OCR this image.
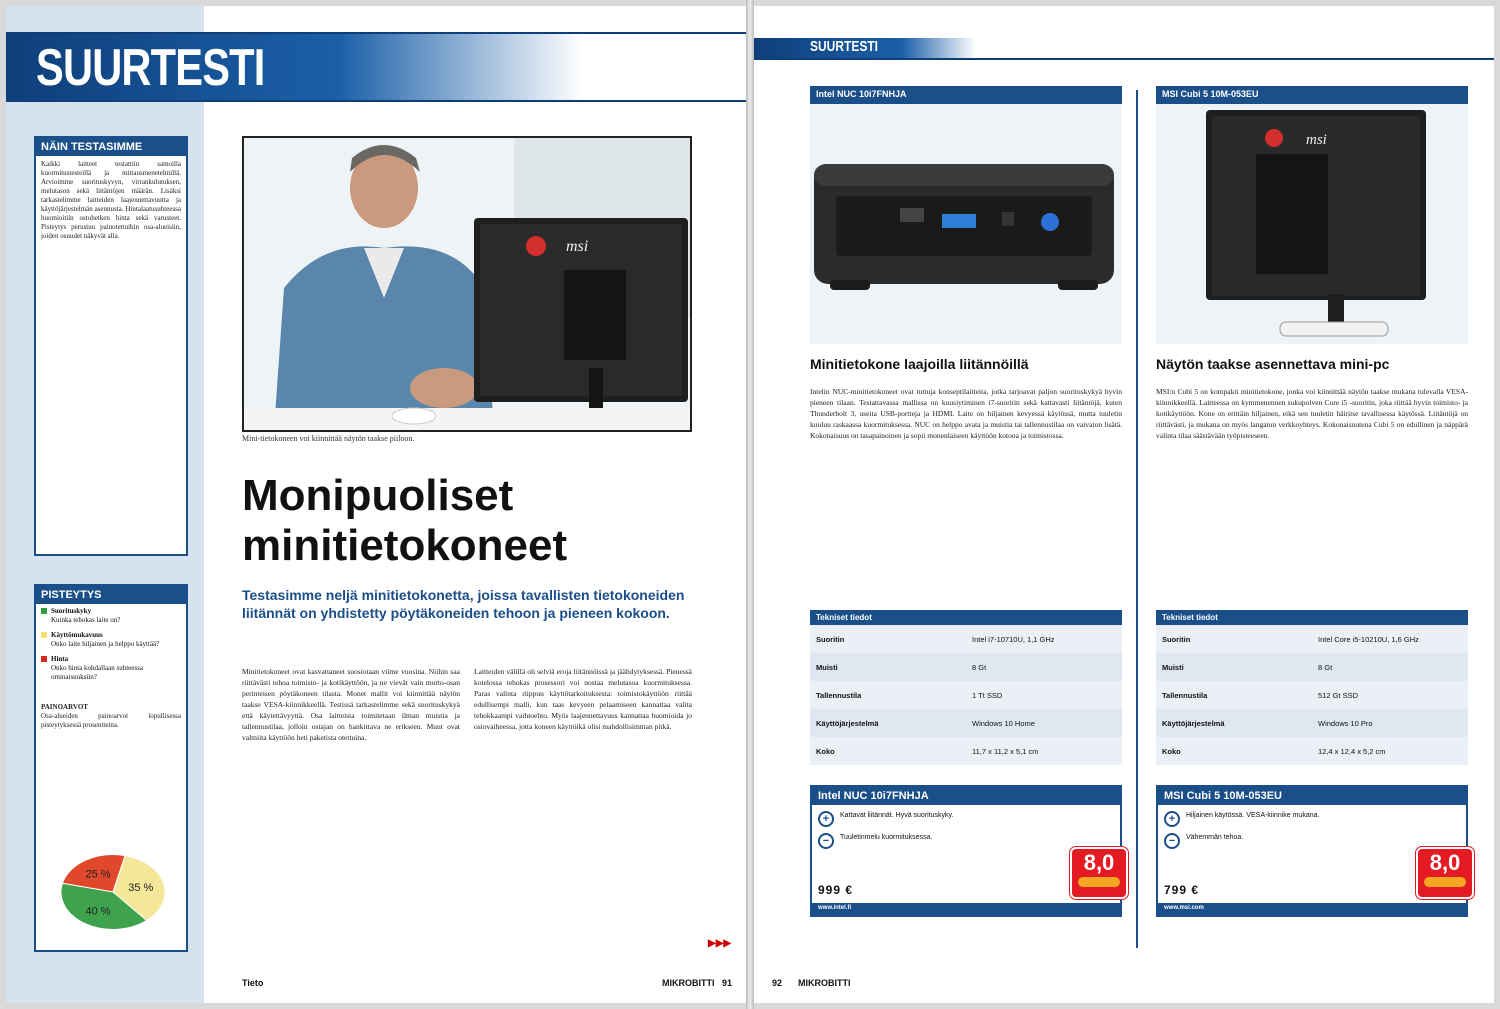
SUURTESTI
NÄIN TESTASIMME
Kaikki laitteet testattiin samoilla kuormitustesteillä ja mittausmenetelmillä. Arvioimme suorituskyvyn, virrankulutuksen, melutason sekä liitäntöjen määrän. Lisäksi tarkastelimme laitteiden laajennettavuutta ja käyttöjärjestelmän asennusta. Hintalaatusuhteessa huomioitiin ostohetken hinta sekä varusteet. Pisteytys perustuu painotettuihin osa-alueisiin, joiden osuudet näkyvät alla.
PISTEYTYS
Suorituskyky
Kuinka tehokas laite on?
Käyttömukavuus
Onko laite hiljainen ja helppo käyttää?
Hinta
Onko hinta kohdallaan suhteessa ominaisuuksiin?
PAINOARVOT
Osa-alueiden painoarvot lopullisessa pisteytyksessä prosentteina.
25 %
35 %
40 %
msi
Mini-tietokoneen voi kiinnittää näytön taakse piiloon.
Monipuoliset
minitietokoneet
Testasimme neljä minitietokonetta, joissa tavallisten tietokoneiden liitännät on yhdistetty pöytäkoneiden tehoon ja pieneen kokoon.
Minitietokoneet ovat kasvattaneet suosiotaan viime vuosina. Niihin saa riittävästi tehoa toimisto- ja kotikäyttöön, ja ne vievät vain murto-osan perinteisen pöytäkoneen tilasta. Monet mallit voi kiinnittää näytön taakse VESA-kiinnikkeellä. Testissä tarkastelimme sekä suorituskykyä että käytettävyyttä. Osa laitteista toimitetaan ilman muistia ja tallennustilaa, jolloin ostajan on hankittava ne erikseen. Muut ovat valmiita käyttöön heti paketista otettuina.
Laitteiden välillä oli selviä eroja liitännöissä ja jäähdytyksessä. Pienessä kotelossa tehokas prosessori voi nostaa melutasoa kuormituksessa. Paras valinta riippuu käyttötarkoituksesta: toimistokäyttöön riittää edullisempi malli, kun taas kevyeen pelaamiseen kannattaa valita tehokkaampi vaihtoehto. Myös laajennettavuus kannattaa huomioida jo ostovaiheessa, jotta koneen käyttöikä olisi mahdollisimman pitkä.
▶▶▶
Tieto	MIKROBITTI 91
SUURTESTI
Intel NUC 10i7FNHJA
Minitietokone laajoilla liitännöillä
Intelin NUC-minitietokoneet ovat tuttuja konseptilaitteita, jotka tarjoavat paljon suorituskykyä hyvin pieneen tilaan. Testattavassa mallissa on kuusiytiminen i7-suoritin sekä kattavasti liitäntöjä, kuten Thunderbolt 3, useita USB-portteja ja HDMI. Laite on hiljainen kevyessä käytössä, mutta tuuletin kuuluu raskaassa kuormituksessa. NUC on helppo avata ja muistia tai tallennustilaa on vaivaton lisätä. Kokonaisuus on tasapainoinen ja sopii monenlaiseen käyttöön kotona ja toimistossa.
Tekniset tiedot
Suoritin	Intel i7-10710U, 1,1 GHz
Muisti	8 Gt
Tallennustila	1 Tt SSD
Käyttöjärjestelmä	Windows 10 Home
Koko	11,7 x 11,2 x 5,1 cm
Intel NUC 10i7FNHJA
+	Kattavat liitännät. Hyvä suorituskyky.
−	Tuuletinmelu kuormituksessa.
999 €
www.intel.fi
8,0
MSI Cubi 5 10M-053EU
msi
Näytön taakse asennettava mini-pc
MSI:n Cubi 5 on kompakti minitietokone, jonka voi kiinnittää näytön taakse mukana tulevalla VESA-kiinnikkeellä. Laitteessa on kymmenennen sukupolven Core i5 -suoritin, joka riittää hyvin toimisto- ja kotikäyttöön. Kone on erittäin hiljainen, eikä sen tuuletin häiritse tavallisessa käytössä. Liitäntöjä on riittävästi, ja mukana on myös langaton verkkoyhteys. Kokonaisuutena Cubi 5 on edullinen ja näppärä valinta tilaa säästävään työpisteeseen.
Tekniset tiedot
Suoritin	Intel Core i5-10210U, 1,6 GHz
Muisti	8 Gt
Tallennustila	512 Gt SSD
Käyttöjärjestelmä	Windows 10 Pro
Koko	12,4 x 12,4 x 5,2 cm
MSI Cubi 5 10M-053EU
+	Hiljainen käytössä. VESA-kiinnike mukana.
−	Vähemmän tehoa.
799 €
www.msi.com
8,0
92 MIKROBITTI
